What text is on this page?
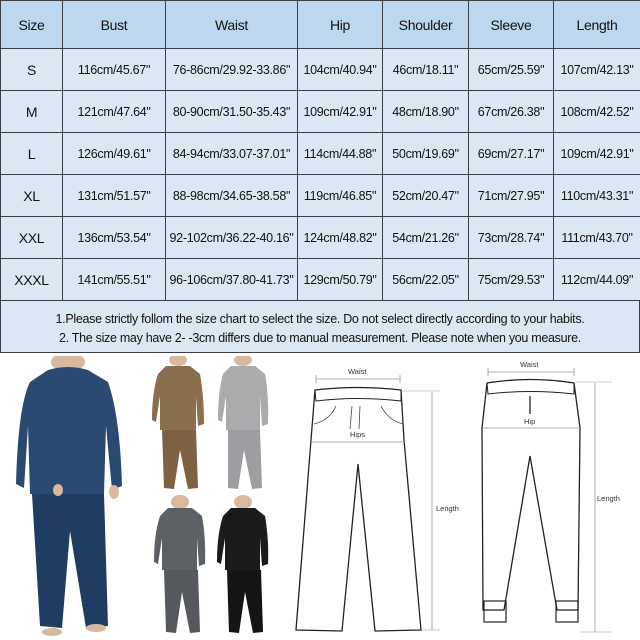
Size	Bust	Waist	Hip	Shoulder	Sleeve	Length
S	116cm/45.67"	76-86cm/29.92-33.86"	104cm/40.94"	46cm/18.11"	65cm/25.59"	107cm/42.13"
M	121cm/47.64"	80-90cm/31.50-35.43"	109cm/42.91"	48cm/18.90"	67cm/26.38"	108cm/42.52"
L	126cm/49.61"	84-94cm/33.07-37.01"	114cm/44.88"	50cm/19.69"	69cm/27.17"	109cm/42.91"
XL	131cm/51.57"	88-98cm/34.65-38.58"	119cm/46.85"	52cm/20.47"	71cm/27.95"	110cm/43.31"
XXL	136cm/53.54"	92-102cm/36.22-40.16"	124cm/48.82"	54cm/21.26"	73cm/28.74"	111cm/43.70"
XXXL	141cm/55.51"	96-106cm/37.80-41.73"	129cm/50.79"	56cm/22.05"	75cm/29.53"	112cm/44.09"
1.Please strictly follom the size chart to select the size. Do not select directly according to your habits.
2. The size may have 2- -3cm differs due to manual measurement. Please note when you measure.
Waist
Hips
Length
Waist
Hip
Length
